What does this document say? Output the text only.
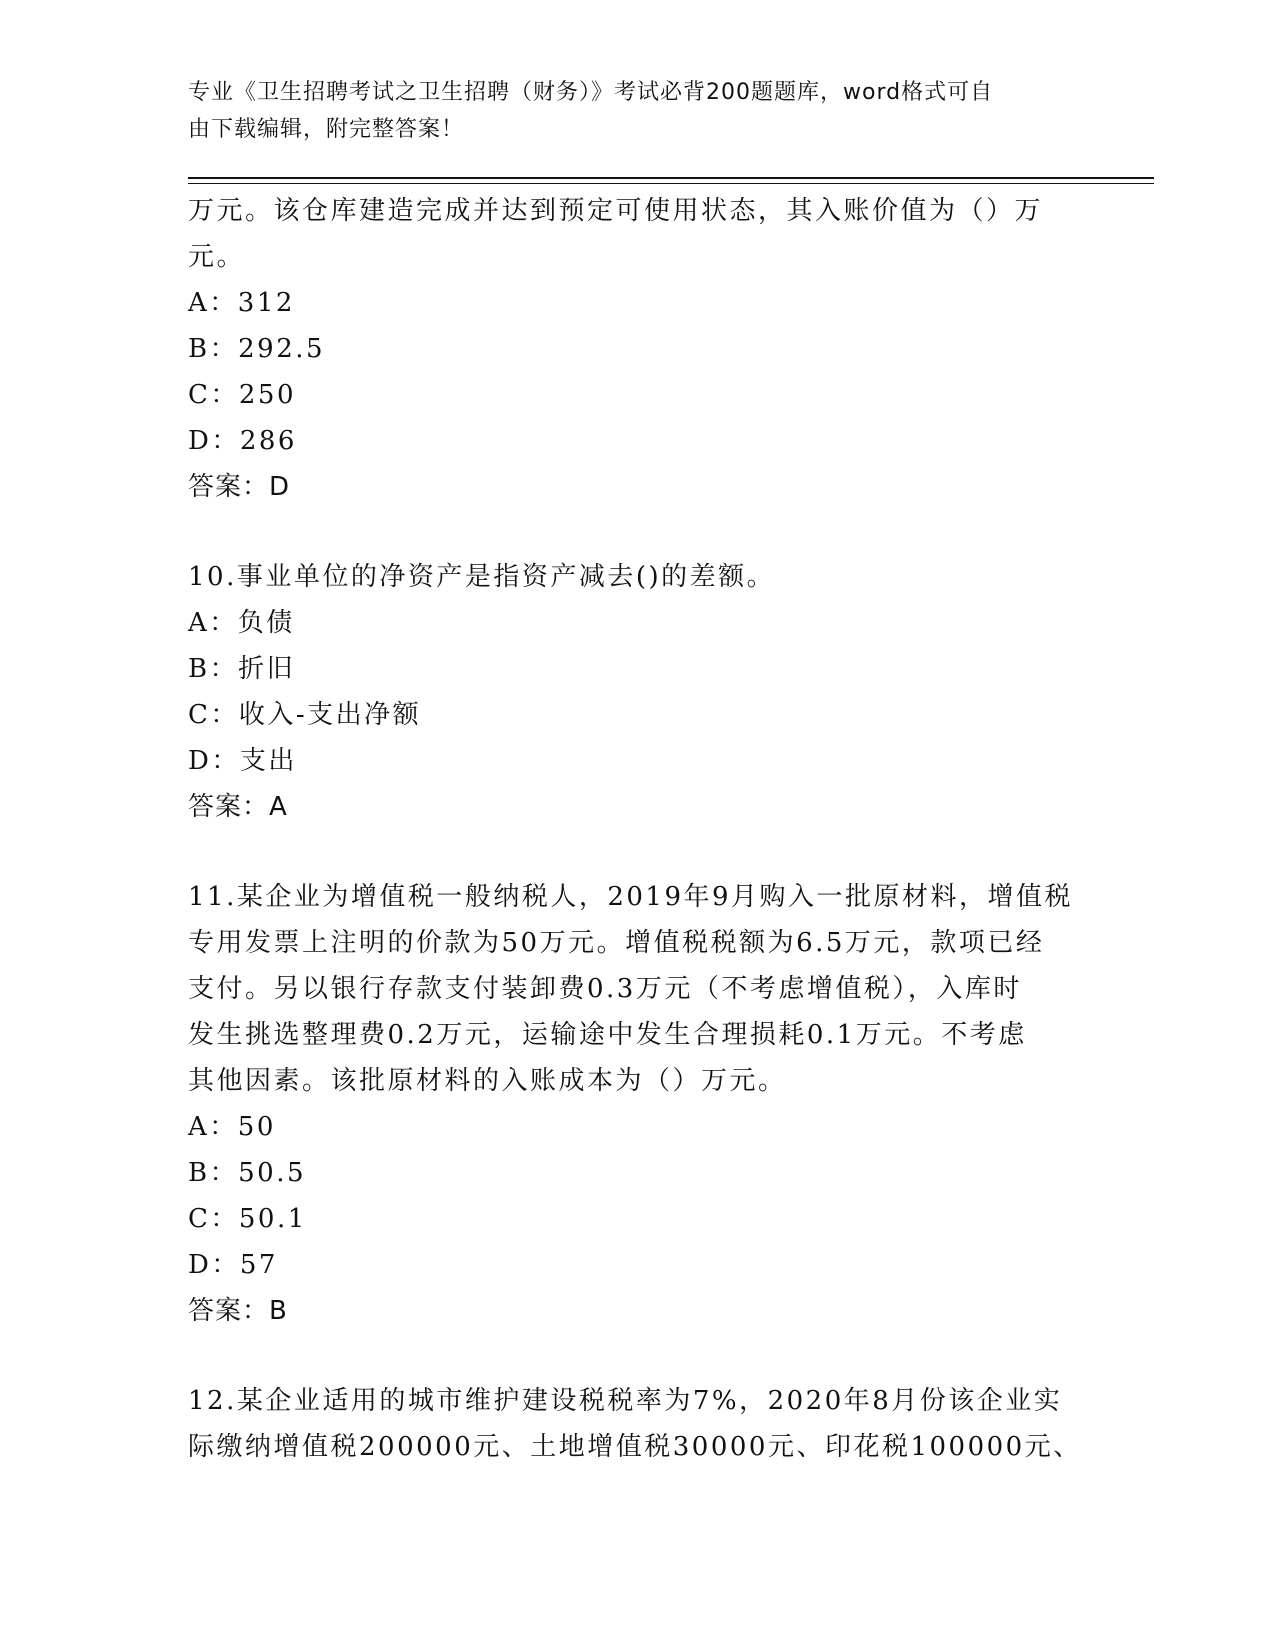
专业《卫生招聘考试之卫生招聘（财务）》考试必背200题题库，word格式可自
由下载编辑，附完整答案！
万元。该仓库建造完成并达到预定可使用状态，其入账价值为（）万
元。
A：312
B：292.5
C：250
D：286
答案：D
10.事业单位的净资产是指资产减去()的差额。
A：负债
B：折旧
C：收入-支出净额
D：支出
答案：A
11.某企业为增值税一般纳税人，2019年9月购入一批原材料，增值税
专用发票上注明的价款为50万元。增值税税额为6.5万元，款项已经
支付。另以银行存款支付装卸费0.3万元（不考虑增值税），入库时
发生挑选整理费0.2万元，运输途中发生合理损耗0.1万元。不考虑
其他因素。该批原材料的入账成本为（）万元。
A：50
B：50.5
C：50.1
D：57
答案：B
12.某企业适用的城市维护建设税税率为7%，2020年8月份该企业实
际缴纳增值税200000元、土地增值税30000元、印花税100000元、
